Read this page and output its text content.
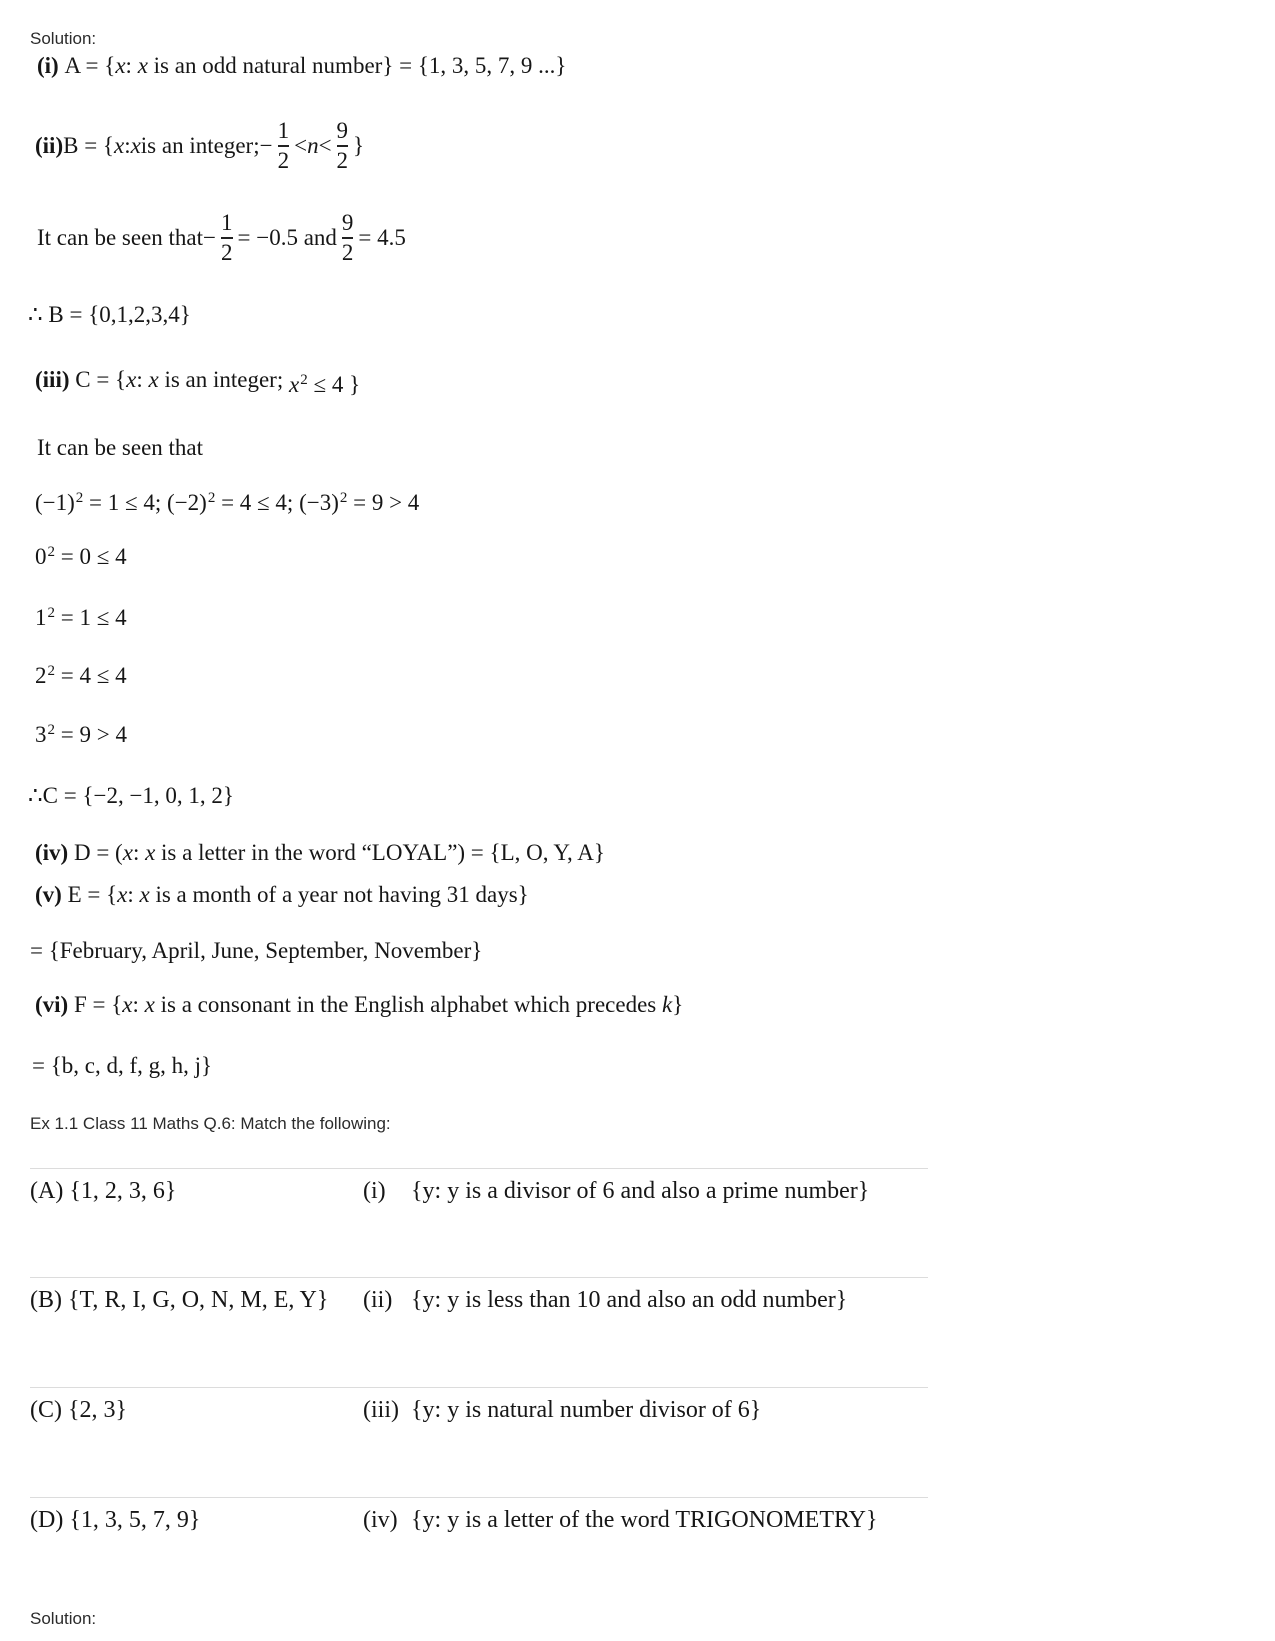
Solution:
(i) A = {x: x is an odd natural number} = {1, 3, 5, 7, 9 ...}
(ii) B = { x : x is an integer; − $\frac{1}{2} < n < \frac{9}{2}$ }
It can be seen that − $\frac{1}{2} = -0.5$ and $\frac{9}{2} = 4.5$
∴ B = {0,1,2,3,4}
(iii) C = {x: x is an integer; x2 ≤ 4 }
It can be seen that
$(-1)^2 = 1 \le 4$; $(-2)^2 = 4 \le 4$; $(-3)^2 = 9 > 4$
$0^2 = 0 \le 4$
$1^2 = 1 \le 4$
$2^2 = 4 \le 4$
$3^2 = 9 > 4$
∴C = {−2, −1, 0, 1, 2}
(iv) D = (x: x is a letter in the word “LOYAL”) = {L, O, Y, A}
(v) E = {x: x is a month of a year not having 31 days}
= {February, April, June, September, November}
(vi) F = {x: x is a consonant in the English alphabet which precedes k}
= {b, c, d, f, g, h, j}
Ex 1.1 Class 11 Maths Q.6: Match the following:
(A) {1, 2, 3, 6}	(i)	{y: y is a divisor of 6 and also a prime number}
(B) {T, R, I, G, O, N, M, E, Y}	(ii) {y: y is less than 10 and also an odd number}
(C) {2, 3}	(iii) {y: y is natural number divisor of 6}
(D) {1, 3, 5, 7, 9}	(iv) {y: y is a letter of the word TRIGONOMETRY}
Solution:
